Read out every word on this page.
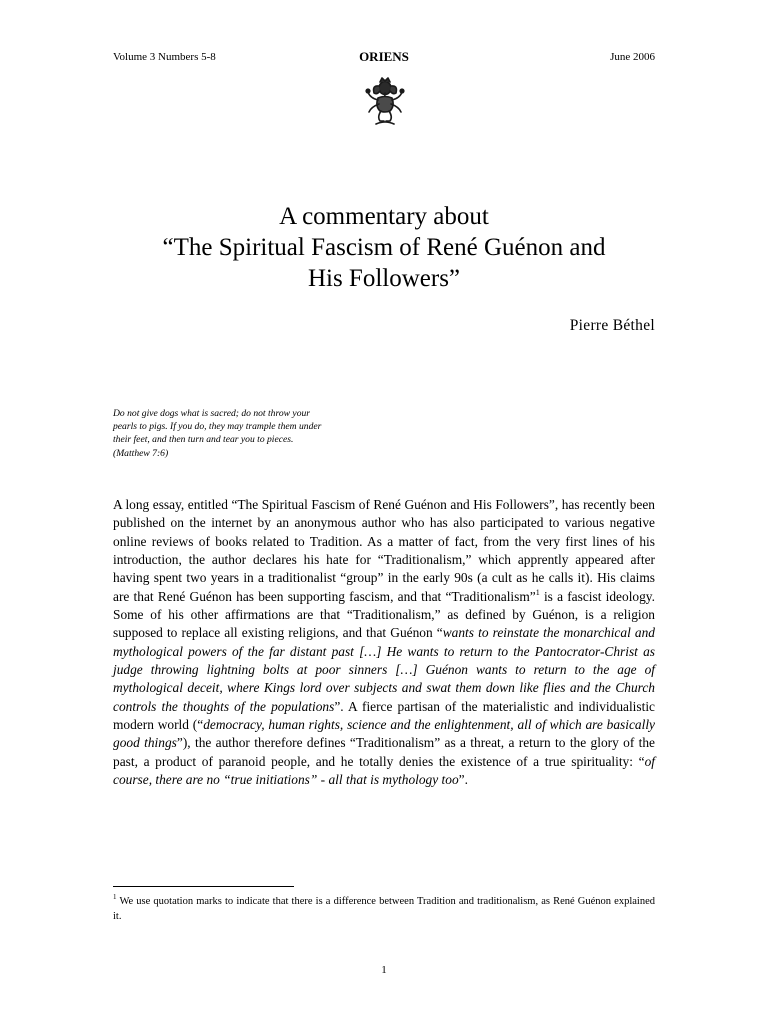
Volume 3 Numbers 5-8	ORIENS	June 2006
A commentary about
“The Spiritual Fascism of René Guénon and
His Followers”
Pierre Béthel
Do not give dogs what is sacred; do not throw your
pearls to pigs. If you do, they may trample them under
their feet, and then turn and tear you to pieces.
(Matthew 7:6)

A long essay, entitled “The Spiritual Fascism of René Guénon and His Followers”, has recently been published on the internet by an anonymous author who has also participated to various negative online reviews of books related to Tradition. As a matter of fact, from the very first lines of his introduction, the author declares his hate for “Traditionalism,” which apprently appeared after having spent two years in a traditionalist “group” in the early 90s (a cult as he calls it). His claims are that René Guénon has been supporting fascism, and that “Traditionalism”$^1$ is a fascist ideology. Some of his other affirmations are that “Traditionalism,” as defined by Guénon, is a religion supposed to replace all existing religions, and that Guénon “wants to reinstate the monarchical and mythological powers of the far distant past […] He wants to return to the Pantocrator-Christ as judge throwing lightning bolts at poor sinners […] Guénon wants to return to the age of mythological deceit, where Kings lord over subjects and swat them down like flies and the Church controls the thoughts of the populations”. A fierce partisan of the materialistic and individualistic modern world (“democracy, human rights, science and the enlightenment, all of which are basically good things”), the author therefore defines “Traditionalism” as a threat, a return to the glory of the past, a product of paranoid people, and he totally denies the existence of a true spirituality: “of course, there are no “true initiations” - all that is mythology too”.

$^1$ We use quotation marks to indicate that there is a difference between Tradition and traditionalism, as René Guénon explained it.
1
